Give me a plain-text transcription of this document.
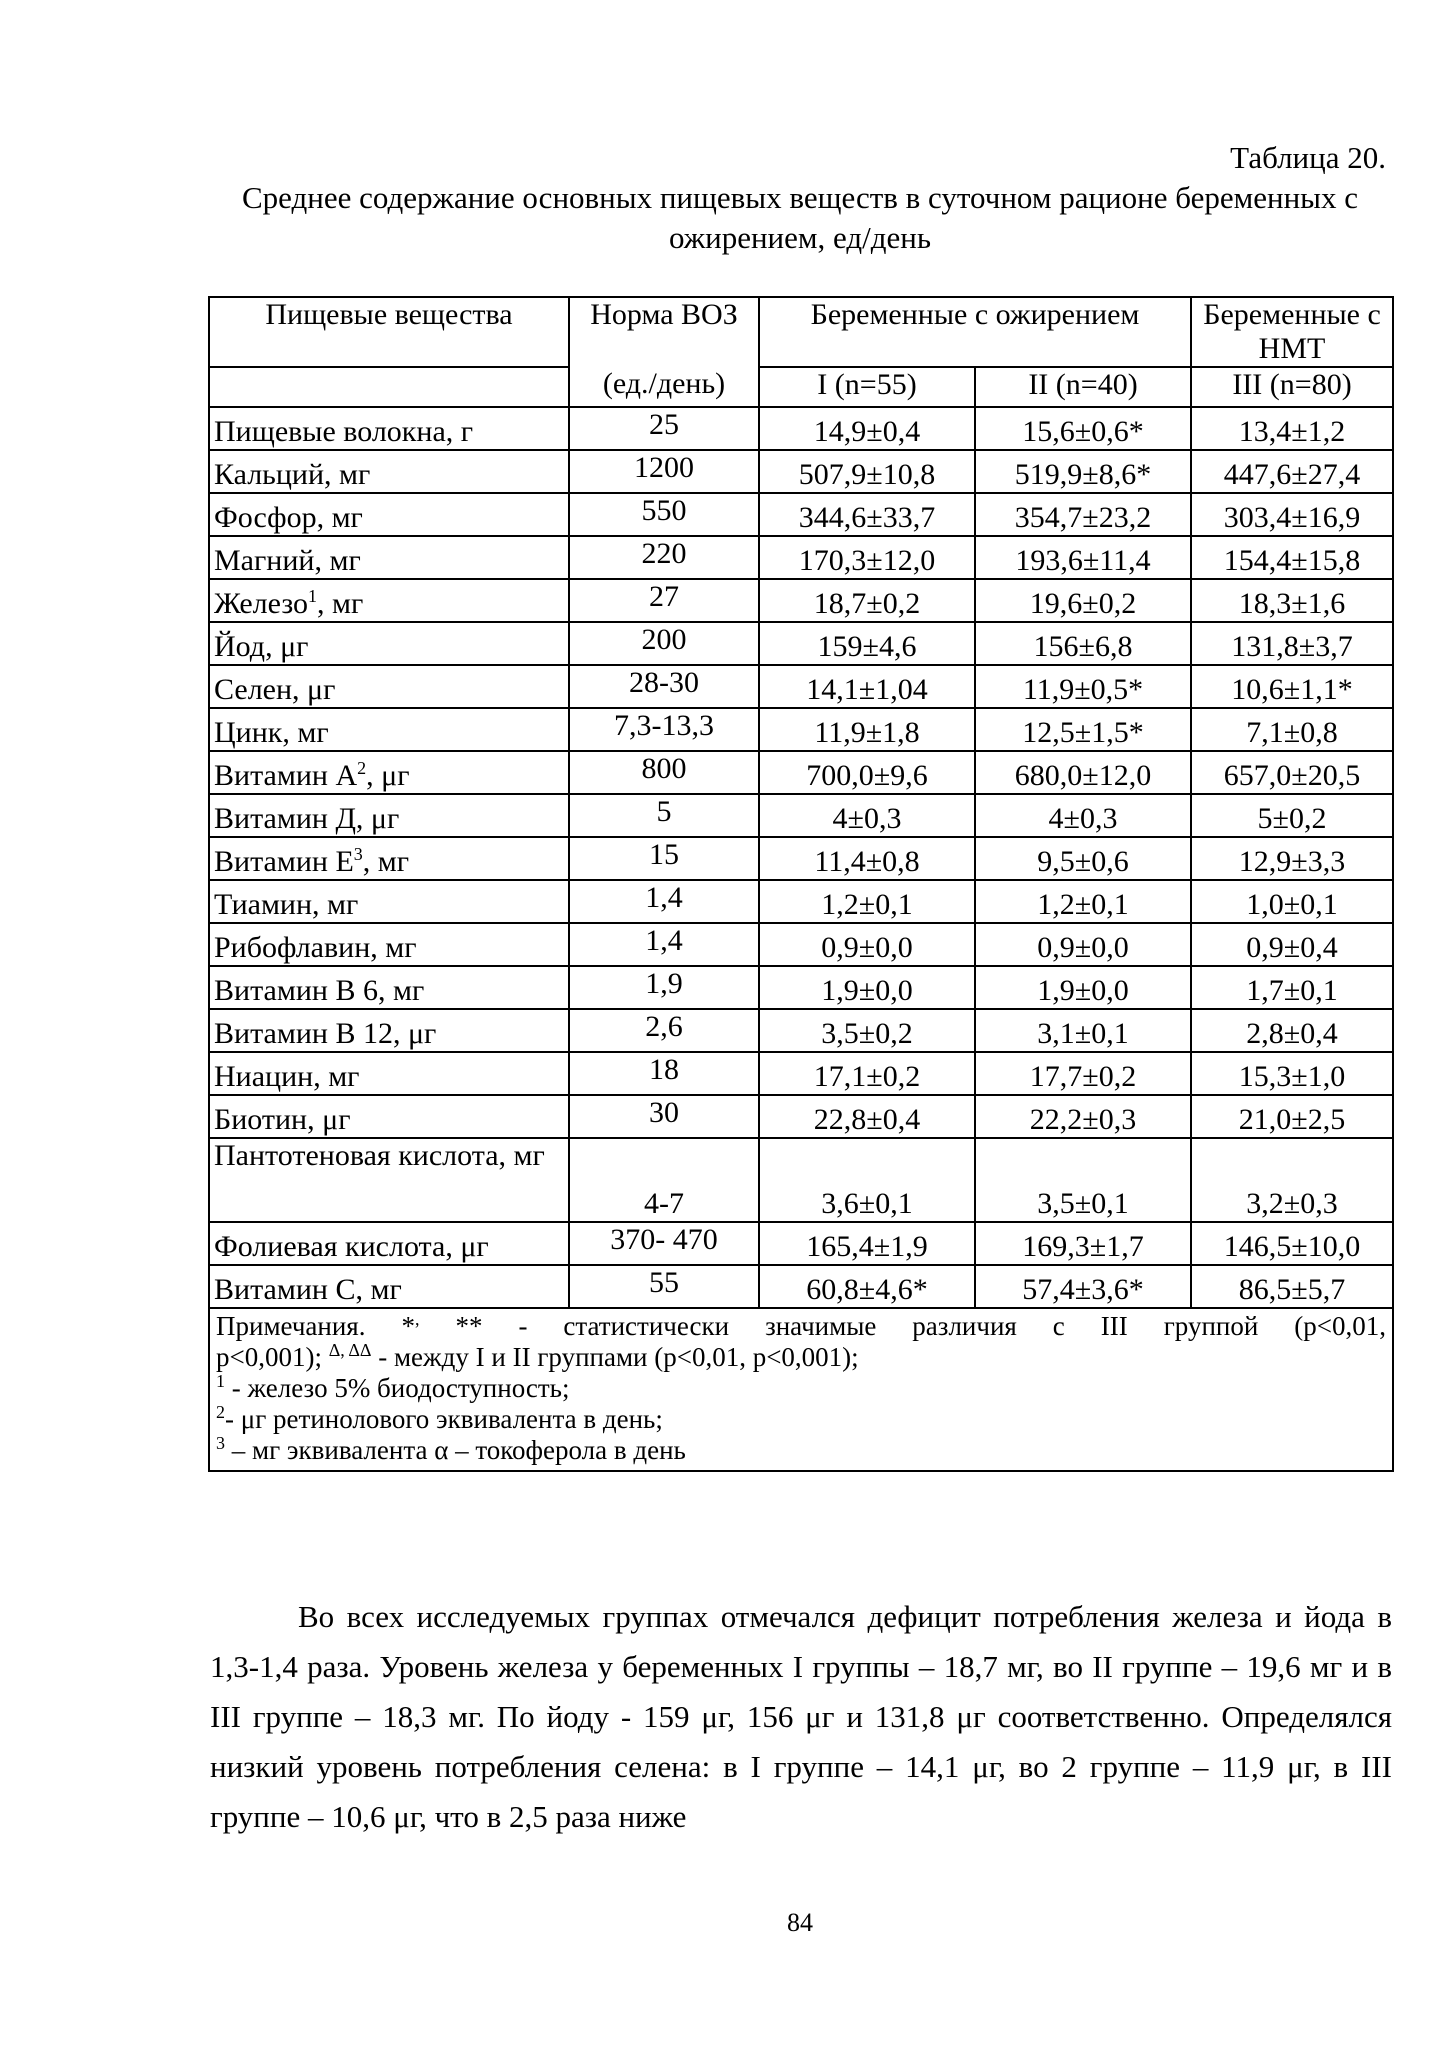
Таблица 20.
Среднее содержание основных пищевых веществ в суточном рационе беременных с ожирением, ед/день
Пищевые вещества	Норма ВОЗ	Беременные с ожирением		Беременные с НМТ

	(ед./день)	I (n=55)	II (n=40)	III (n=80)
Пищевые волокна, г	25	14,9±0,4	15,6±0,6*	13,4±1,2
Кальций, мг	1200	507,9±10,8	519,9±8,6*	447,6±27,4
Фосфор, мг	550	344,6±33,7	354,7±23,2	303,4±16,9
Магний, мг	220	170,3±12,0	193,6±11,4	154,4±15,8
Железо$^1$, мг	27	18,7±0,2	19,6±0,2	18,3±1,6
Йод, μг	200	159±4,6	156±6,8	131,8±3,7
Селен, μг	28-30	14,1±1,04	11,9±0,5*	10,6±1,1*
Цинк, мг	7,3-13,3	11,9±1,8	12,5±1,5*	7,1±0,8
Витамин $А^2$, μг	800	700,0±9,6	680,0±12,0	657,0±20,5
Витамин Д, μг	5	4±0,3	4±0,3	5±0,2
Витамин $Е^3$, мг	15	11,4±0,8	9,5±0,6	12,9±3,3
Тиамин, мг	1,4	1,2±0,1	1,2±0,1	1,0±0,1
Рибофлавин, мг	1,4	0,9±0,0	0,9±0,0	0,9±0,4
Витамин В 6, мг	1,9	1,9±0,0	1,9±0,0	1,7±0,1
Витамин В 12, μг	2,6	3,5±0,2	3,1±0,1	2,8±0,4
Ниацин, мг	18	17,1±0,2	17,7±0,2	15,3±1,0
Биотин, μг	30	22,8±0,4	22,2±0,3	21,0±2,5
Пантотеновая кислота, мг	4-7	3,6±0,1	3,5±0,1	3,2±0,3
Фолиевая кислота, μг	370- 470	165,4±1,9	169,3±1,7	146,5±10,0
Витамин С, мг	55	60,8±4,6*	57,4±3,6*	86,5±5,7

Примечания. *, ** - статистически значимые различия с III группой (p<0,01,
p<0,001); $^{\Delta, \Delta\Delta}$ - между I и II группами (p<0,01, p<0,001);
$^1$ - железо 5% биодоступность;
$^2$- μг ретинолового эквивалента в день;
$^3$ – мг эквивалента α – токоферола в день				

Во всех исследуемых группах отмечался дефицит потребления железа и йода в 1,3-1,4 раза. Уровень железа у беременных I группы – 18,7 мг, во II группе – 19,6 мг и в III группе – 18,3 мг. По йоду - 159 μг, 156 μг и 131,8 μг соответственно. Определялся низкий уровень потребления селена: в I группе – 14,1 μг, во 2 группе – 11,9 μг, в III группе – 10,6 μг, что в 2,5 раза ниже

84
